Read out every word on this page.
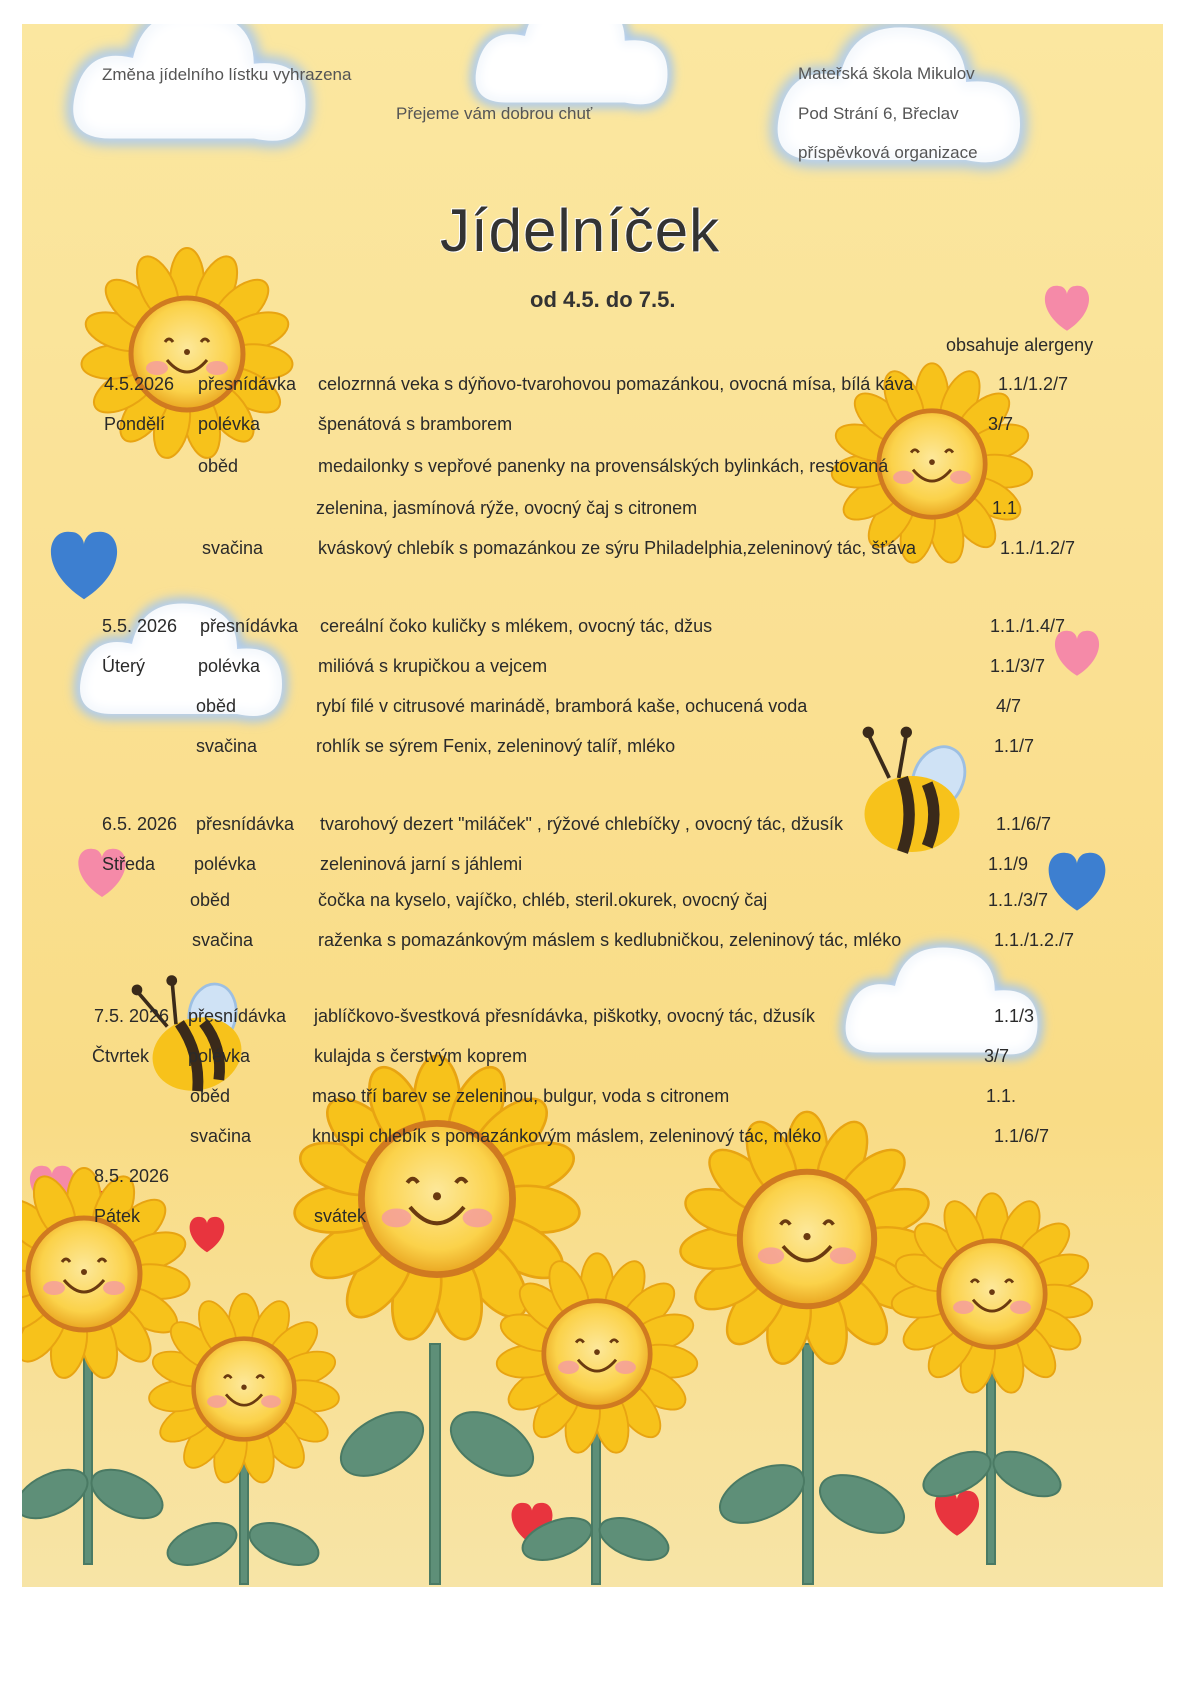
Změna jídelního lístku vyhrazena
Přejeme vám dobrou chuť
Mateřská škola Mikulov
Pod Strání 6, Břeclav
příspěvková organizace
Jídelníček
od 4.5. do 7.5.
obsahuje alergeny
4.5.2026
Pondělí
přesnídávka celozrnná veka s dýňovo-tvarohovou pomazánkou, ovocná mísa, bílá káva	1.1/1.2/7
polévka	špenátová s bramborem	3/7
oběd	medailonky s vepřové panenky na provensálských bylinkách, restovaná
zelenina, jasmínová rýže, ovocný čaj s citronem	1.1
svačina	kváskový chlebík s pomazánkou ze sýru Philadelphia,zeleninový tác, šťáva	1.1./1.2/7
5.5. 2026
Úterý
přesnídávka cereální čoko kuličky s mlékem, ovocný tác, džus	1.1./1.4/7
polévka	milióvá s krupičkou a vejcem	1.1/3/7
oběd	rybí filé v citrusové marinádě, bramborá kaše, ochucená voda	4/7
svačina	rohlík se sýrem Fenix, zeleninový talíř, mléko	1.1/7
6.5. 2026
Středa
přesnídávka tvarohový dezert "miláček" , rýžové chlebíčky , ovocný tác, džusík	1.1/6/7
polévka	zeleninová jarní s jáhlemi	1.1/9
oběd	čočka na kyselo, vajíčko, chléb, steril.okurek, ovocný čaj	1.1./3/7
svačina	raženka s pomazánkovým máslem s kedlubničkou, zeleninový tác, mléko	1.1./1.2./7
7.5. 2026
Čtvrtek
přesnídávka jablíčkovo-švestková přesnídávka, piškotky, ovocný tác, džusík	1.1/3
polévka	kulajda s čerstvým koprem	3/7
oběd	maso tří barev se zeleninou, bulgur, voda s citronem	1.1.
svačina	knuspi chlebík s pomazánkovým máslem, zeleninový tác, mléko	1.1/6/7
8.5. 2026
Pátek	svátek
